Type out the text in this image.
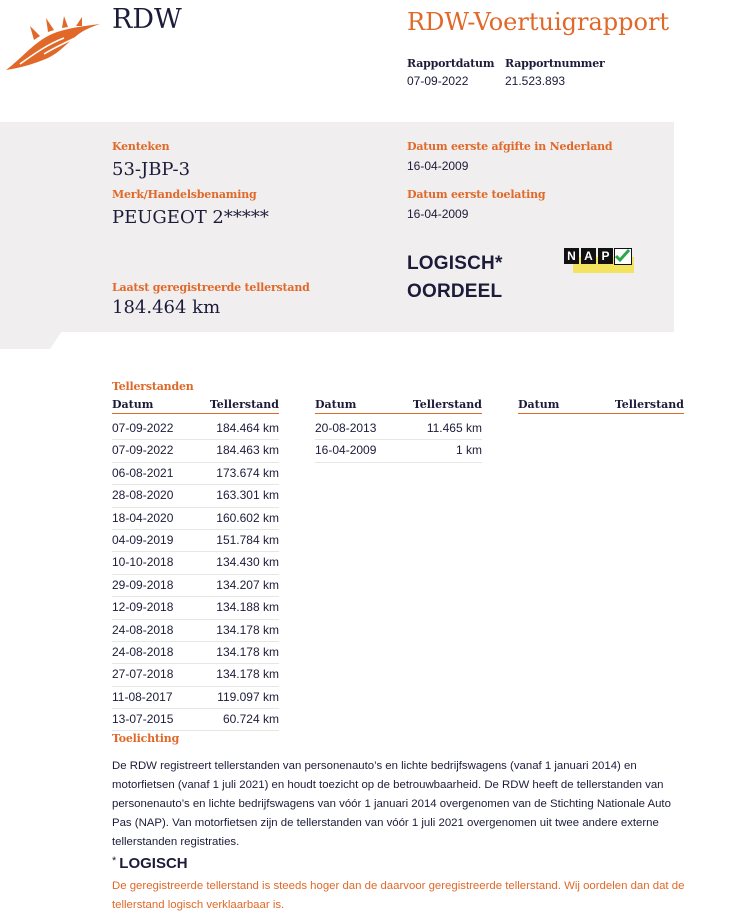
RDW	RDW-Voertuigrapport
Rapportdatum
07-09-2022
Rapportnummer
21.523.893
Kenteken
53-JBP-3
Merk/Handelsbenaming
PEUGEOT 2*****
Datum eerste afgifte in Nederland
16-04-2009
Datum eerste toelating
16-04-2009
LOGISCH*
OORDEEL
N A P
Laatst geregistreerde tellerstand
184.464 km
Tellerstanden
Datum	Tellerstand	Datum	Tellerstand	Datum	Tellerstand
07-09-2022	184.464 km
07-09-2022	184.463 km
06-08-2021	173.674 km
28-08-2020	163.301 km
18-04-2020	160.602 km
04-09-2019	151.784 km
10-10-2018	134.430 km
29-09-2018	134.207 km
12-09-2018	134.188 km
24-08-2018	134.178 km
24-08-2018	134.178 km
27-07-2018	134.178 km
11-08-2017	119.097 km
13-07-2015	60.724 km
20-08-2013	11.465 km
16-04-2009	1 km
Toelichting
De RDW registreert tellerstanden van personenauto’s en lichte bedrijfswagens (vanaf 1 januari 2014) en motorfietsen (vanaf 1 juli 2021) en houdt toezicht op de betrouwbaarheid. De RDW heeft de tellerstanden van personenauto’s en lichte bedrijfswagens van vóór 1 januari 2014 overgenomen van de Stichting Nationale Auto Pas (NAP). Van motorfietsen zijn de tellerstanden van vóór 1 juli 2021 overgenomen uit twee andere externe tellerstanden registraties.
* LOGISCH
De geregistreerde tellerstand is steeds hoger dan de daarvoor geregistreerde tellerstand. Wij oordelen dan dat de tellerstand logisch verklaarbaar is.
